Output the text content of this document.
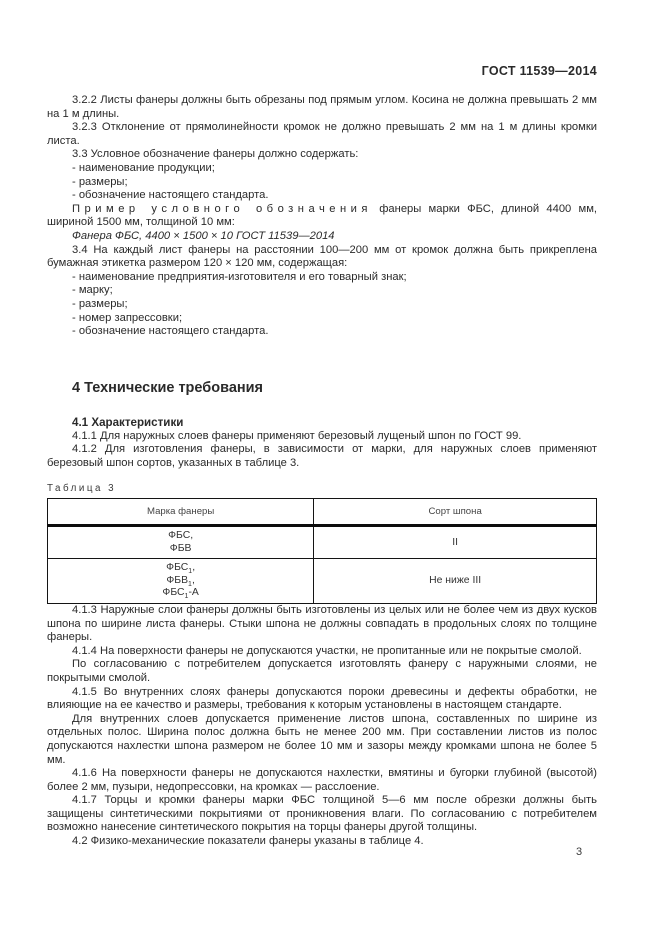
ГОСТ 11539—2014

3.2.2 Листы фанеры должны быть обрезаны под прямым углом. Косина не должна превышать 2 мм на 1 м длины.

3.2.3 Отклонение от прямолинейности кромок не должно превышать 2 мм на 1 м длины кромки листа.

3.3 Условное обозначение фанеры должно содержать:

- наименование продукции;
- размеры;
- обозначение настоящего стандарта.

Пример условного обозначения фанеры марки ФБС, длиной 4400 мм, шириной 1500 мм, толщиной 10 мм:

Фанера ФБС, 4400 × 1500 × 10 ГОСТ 11539—2014

3.4 На каждый лист фанеры на расстоянии 100—200 мм от кромок должна быть прикреплена бумажная этикетка размером 120 × 120 мм, содержащая:

- наименование предприятия-изготовителя и его товарный знак;
- марку;
- размеры;
- номер запрессовки;
- обозначение настоящего стандарта.
4 Технические требования
4.1 Характеристики

4.1.1 Для наружных слоев фанеры применяют березовый лущеный шпон по ГОСТ 99.

4.1.2 Для изготовления фанеры, в зависимости от марки, для наружных слоев применяют березовый шпон сортов, указанных в таблице 3.

Таблица 3
Марка фанеры	Сорт шпона

ФБС,
ФБВ	II

$ФБС_1$,
$ФБВ_1$,
$ФБС_1-А$	Не ниже III

4.1.3 Наружные слои фанеры должны быть изготовлены из целых или не более чем из двух кусков шпона по ширине листа фанеры. Стыки шпона не должны совпадать в продольных слоях по толщине фанеры.

4.1.4 На поверхности фанеры не допускаются участки, не пропитанные или не покрытые смолой.

По согласованию с потребителем допускается изготовлять фанеру с наружными слоями, не покрытыми смолой.

4.1.5 Во внутренних слоях фанеры допускаются пороки древесины и дефекты обработки, не влияющие на ее качество и размеры, требования к которым установлены в настоящем стандарте.

Для внутренних слоев допускается применение листов шпона, составленных по ширине из отдельных полос. Ширина полос должна быть не менее 200 мм. При составлении листов из полос допускаются нахлестки шпона размером не более 10 мм и зазоры между кромками шпона не более 5 мм.

4.1.6 На поверхности фанеры не допускаются нахлестки, вмятины и бугорки глубиной (высотой) более 2 мм, пузыри, недопрессовки, на кромках — расслоение.

4.1.7 Торцы и кромки фанеры марки ФБС толщиной 5—6 мм после обрезки должны быть защищены синтетическими покрытиями от проникновения влаги. По согласованию с потребителем возможно нанесение синтетического покрытия на торцы фанеры другой толщины.

4.2 Физико-механические показатели фанеры указаны в таблице 4.

3
